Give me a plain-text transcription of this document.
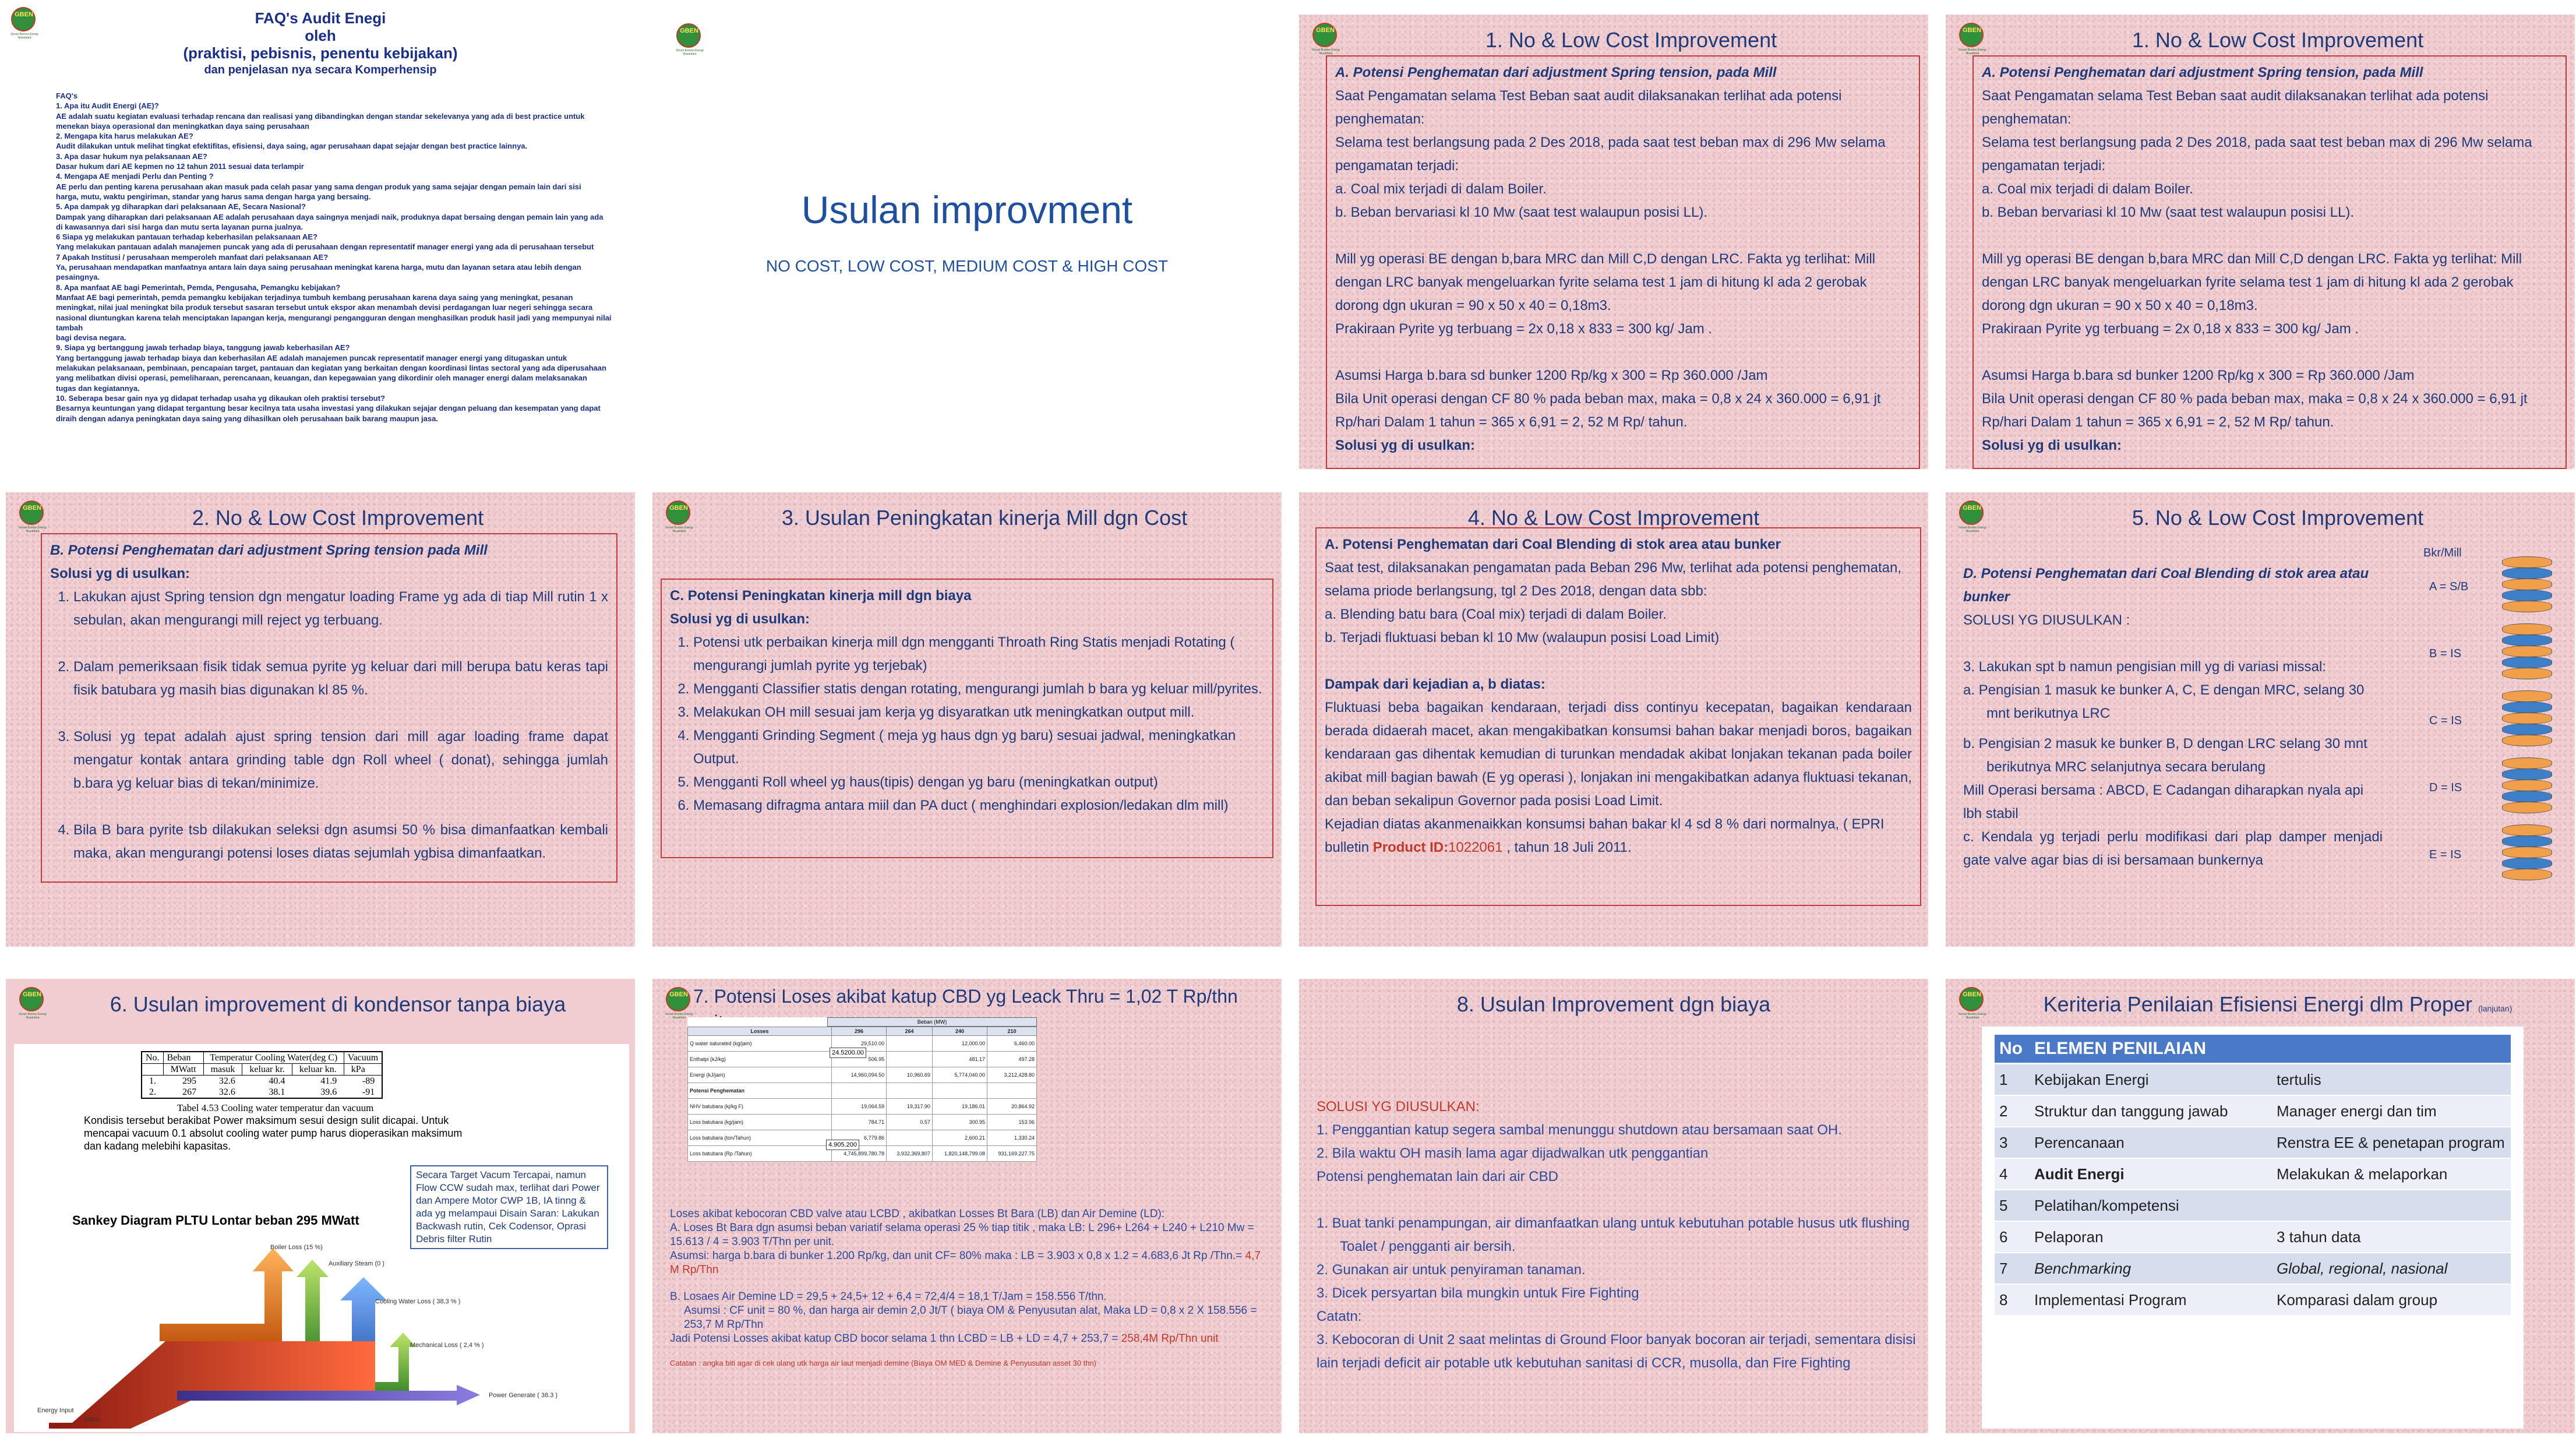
GBEN
Green Borneo Energi Nusantara
FAQ's Audit Enegi
oleh
(praktisi, pebisnis, penentu kebijakan)
dan penjelasan nya secara Komperhensip
FAQ's
1. Apa itu Audit Energi (AE)?
AE adalah suatu kegiatan evaluasi terhadap rencana dan realisasi yang dibandingkan dengan standar sekelevanya yang ada di best practice untuk
menekan biaya operasional dan meningkatkan daya saing perusahaan
2. Mengapa kita harus melakukan AE?
Audit dilakukan untuk melihat tingkat efektifitas, efisiensi, daya saing, agar perusahaan dapat sejajar dengan best practice lainnya.
3. Apa dasar hukum nya pelaksanaan AE?
Dasar hukum dari AE kepmen no 12 tahun 2011 sesuai data terlampir
4. Mengapa AE menjadi Perlu dan Penting ?
AE perlu dan penting karena perusahaan akan masuk pada celah pasar yang sama dengan produk yang sama sejajar dengan pemain lain dari sisi
harga, mutu, waktu pengiriman, standar yang harus sama dengan harga yang bersaing.
5. Apa dampak yg diharapkan dari pelaksanaan AE, Secara Nasional?
Dampak yang diharapkan dari pelaksanaan AE adalah perusahaan daya saingnya menjadi naik, produknya dapat bersaing dengan pemain lain yang ada
di kawasannya dari sisi harga dan mutu serta layanan purna jualnya.
6 Siapa yg melakukan pantauan terhadap keberhasilan pelaksanaan AE?
Yang melakukan pantauan adalah manajemen puncak yang ada di perusahaan dengan representatif manager energi yang ada di perusahaan tersebut
7 Apakah Institusi / perusahaan memperoleh manfaat dari pelaksanaan AE?
Ya, perusahaan mendapatkan manfaatnya antara lain daya saing perusahaan meningkat karena harga, mutu dan layanan setara atau lebih dengan
pesaingnya.
8. Apa manfaat AE bagi Pemerintah, Pemda, Pengusaha, Pemangku kebijakan?
Manfaat AE bagi pemerintah, pemda pemangku kebijakan terjadinya tumbuh kembang perusahaan karena daya saing yang meningkat, pesanan
meningkat, nilai jual meningkat bila produk tersebut sasaran tersebut untuk ekspor akan menambah devisi perdagangan luar negeri sehingga secara
nasional diuntungkan karena telah menciptakan lapangan kerja, mengurangi pengangguran dengan menghasilkan produk hasil jadi yang mempunyai nilai tambah
bagi devisa negara.
9. Siapa yg bertanggung jawab terhadap biaya, tanggung jawab keberhasilan AE?
Yang bertanggung jawab terhadap biaya dan keberhasilan AE adalah manajemen puncak representatif manager energi yang ditugaskan untuk
melakukan pelaksanaan, pembinaan, pencapaian target, pantauan dan kegiatan yang berkaitan dengan koordinasi lintas sectoral yang ada diperusahaan
yang melibatkan divisi operasi, pemeliharaan, perencanaan, keuangan, dan kepegawaian yang dikordinir oleh manager energi dalam melaksanakan
tugas dan kegiatannya.
10. Seberapa besar gain nya yg didapat terhadap usaha yg dikaukan oleh praktisi tersebut?
Besarnya keuntungan yang didapat tergantung besar kecilnya tata usaha investasi yang dilakukan sejajar dengan peluang dan kesempatan yang dapat
diraih dengan adanya peningkatan daya saing yang dihasilkan oleh perusahaan baik barang maupun jasa.
GBEN
Green Borneo Energi Nusantara
Usulan improvment
NO COST, LOW COST, MEDIUM COST & HIGH COST
GBEN
Green Borneo Energi Nusantara
1. No & Low Cost Improvement

A. Potensi Penghematan dari adjustment Spring tension, pada Mill

Saat Pengamatan selama Test Beban saat audit dilaksanakan terlihat ada potensi penghematan:

Selama test berlangsung pada 2 Des 2018, pada saat test beban max di 296 Mw selama pengamatan terjadi:

a. Coal mix terjadi di dalam Boiler.

b. Beban bervariasi kl 10 Mw (saat test walaupun posisi LL).

Mill yg operasi BE dengan b,bara MRC dan Mill C,D dengan LRC. Fakta yg terlihat: Mill dengan LRC banyak mengeluarkan fyrite selama test 1 jam di hitung kl ada 2 gerobak dorong dgn ukuran = 90 x 50 x 40 = 0,18m3.

Prakiraan Pyrite yg terbuang = 2x 0,18 x 833 = 300 kg/ Jam .

Asumsi Harga b.bara sd bunker 1200 Rp/kg x 300 = Rp 360.000 /Jam

Bila Unit operasi dengan CF 80 % pada beban max, maka = 0,8 x 24 x 360.000 = 6,91 jt Rp/hari Dalam 1 tahun = 365 x 6,91 = 2, 52 M Rp/ tahun.

Solusi yg di usulkan:

GBEN
Green Borneo Energi Nusantara
1. No & Low Cost Improvement

A. Potensi Penghematan dari adjustment Spring tension, pada Mill

Saat Pengamatan selama Test Beban saat audit dilaksanakan terlihat ada potensi penghematan:

Selama test berlangsung pada 2 Des 2018, pada saat test beban max di 296 Mw selama pengamatan terjadi:

a. Coal mix terjadi di dalam Boiler.

b. Beban bervariasi kl 10 Mw (saat test walaupun posisi LL).

Mill yg operasi BE dengan b,bara MRC dan Mill C,D dengan LRC. Fakta yg terlihat: Mill dengan LRC banyak mengeluarkan fyrite selama test 1 jam di hitung kl ada 2 gerobak dorong dgn ukuran = 90 x 50 x 40 = 0,18m3.

Prakiraan Pyrite yg terbuang = 2x 0,18 x 833 = 300 kg/ Jam .

Asumsi Harga b.bara sd bunker 1200 Rp/kg x 300 = Rp 360.000 /Jam

Bila Unit operasi dengan CF 80 % pada beban max, maka = 0,8 x 24 x 360.000 = 6,91 jt Rp/hari Dalam 1 tahun = 365 x 6,91 = 2, 52 M Rp/ tahun.

Solusi yg di usulkan:

GBEN
Green Borneo Energi Nusantara
2. No & Low Cost Improvement

B. Potensi Penghematan dari adjustment Spring tension pada Mill

Solusi yg di usulkan:

1. Lakukan ajust Spring tension dgn mengatur loading Frame yg ada di tiap Mill rutin 1 x sebulan, akan mengurangi mill reject yg terbuang.
2. Dalam pemeriksaan fisik tidak semua pyrite yg keluar dari mill berupa batu keras tapi fisik batubara yg masih bias digunakan kl 85 %.
3. Solusi yg tepat adalah ajust spring tension dari mill agar loading frame dapat mengatur kontak antara grinding table dgn Roll wheel ( donat), sehingga jumlah b.bara yg keluar bias di tekan/minimize.
4. Bila B bara pyrite tsb dilakukan seleksi dgn asumsi 50 % bisa dimanfaatkan kembali maka, akan mengurangi potensi loses diatas sejumlah ygbisa dimanfaatkan.
GBEN
Green Borneo Energi Nusantara
3. Usulan Peningkatan kinerja Mill dgn Cost

C. Potensi Peningkatan kinerja mill dgn biaya

Solusi yg di usulkan:

1. Potensi utk perbaikan kinerja mill dgn mengganti Throath Ring Statis menjadi Rotating ( mengurangi jumlah pyrite yg terjebak)
2. Mengganti Classifier statis dengan rotating, mengurangi jumlah b bara yg keluar mill/pyrites.
3. Melakukan OH mill sesuai jam kerja yg disyaratkan utk meningkatkan output mill.
4. Mengganti Grinding Segment ( meja yg haus dgn yg baru) sesuai jadwal, meningkatkan Output.
5. Mengganti Roll wheel yg haus(tipis) dengan yg baru (meningkatkan output)
6. Memasang difragma antara miil dan PA duct ( menghindari explosion/ledakan dlm mill)
4. No & Low Cost Improvement

A. Potensi Penghematan dari Coal Blending di stok area atau bunker

Saat test, dilaksanakan pengamatan pada Beban 296 Mw, terlihat ada potensi penghematan, selama priode berlangsung, tgl 2 Des 2018, dengan data sbb:

a. Blending batu bara (Coal mix) terjadi di dalam Boiler.

b. Terjadi fluktuasi beban kl 10 Mw (walaupun posisi Load Limit)

Dampak dari kejadian a, b diatas:

Fluktuasi beba bagaikan kendaraan, terjadi diss continyu kecepatan, bagaikan kendaraan berada didaerah macet, akan mengakibatkan konsumsi bahan bakar menjadi boros, bagaikan kendaraan gas dihentak kemudian di turunkan mendadak akibat lonjakan tekanan pada boiler akibat mill bagian bawah (E yg operasi ), lonjakan ini mengakibatkan adanya fluktuasi tekanan, dan beban sekalipun Governor pada posisi Load Limit.

Kejadian diatas akanmenaikkan konsumsi bahan bakar kl 4 sd 8 % dari normalnya, ( EPRI bulletin Product ID:1022061 , tahun 18 Juli 2011.

GBEN
Green Borneo Energi Nusantara
5. No & Low Cost Improvement

D. Potensi Penghematan dari Coal Blending di stok area atau bunker

SOLUSI YG DIUSULKAN :

3. Lakukan spt b namun pengisian mill yg di variasi missal:

a. Pengisian 1 masuk ke bunker A, C, E dengan MRC, selang 30 mnt berikutnya LRC

b. Pengisian 2 masuk ke bunker B, D dengan LRC selang 30 mnt berikutnya MRC selanjutnya secara berulang

Mill Operasi bersama : ABCD, E Cadangan diharapkan nyala api lbh stabil

c. Kendala yg terjadi perlu modifikasi dari plap damper menjadi gate valve agar bias di isi bersamaan bunkernya

Bkr/Mill
A = S/B
B = IS
C = IS
D = IS
E = IS
GBEN
Green Borneo Energi Nusantara
6. Usulan improvement di kondensor tanpa biaya
No.	Beban	Temperatur Cooling Water(deg C)			Vacuum
	MWatt	masuk	keluar kr.	keluar kn.	kPa
1.	295	32.6	40.4	41.9	-89
2.	267	32.6	38.1	39.6	-91
Tabel 4.53 Cooling water temperatur dan vacuum
Kondisis tersebut berakibat Power maksimum sesui design sulit dicapai. Untuk mencapai vacuum 0.1 absolut cooling water pump harus dioperasikan maksimum dan kadang melebihi kapasitas.
Secara Target Vacum Tercapai, namun Flow CCW sudah max, terlihat dari Power dan Ampere Motor CWP 1B, IA tinng & ada yg melampaui Disain Saran: Lakukan Backwash rutin, Cek Codensor, Oprasi Debris filter Rutin
Sankey Diagram PLTU Lontar beban 295 MWatt
Boiler Loss (15 %)
Auxiliary Steam (0 )
Cooling Water Loss ( 38,3 % )
Mechanical Loss ( 2,4 % )
Energy Input
100%
Power Generate ( 38.3 )
GBEN
Green Borneo Energi Nusantara
7. Potensi Loses akibat katup CBD yg Leack Thru = 1,02 T Rp/thn
Beban (MW)
Losses	296	264	240	210
Q water saturated (kg/jam)	29,510.00		12,000.00	6,460.00
Enthalpi (kJ/kg)	506.95		481.17	497.28
Energi (kJ/jam)	14,960,094.50	10,960.69	5,774,040.00	3,212,428.80
Potensi Penghematan				
NHV batubara (kj/kg F)	19,064.59	19,317.90	19,186.01	20,864.92
Loss batubara (kg/jam)	784.71	0.57	300.95	153.96
Loss batubara (ton/Tahun)	6,779.86		2,600.21	1,330.24
Loss batubara (Rp /Tahun)	4,745,899,780.78	3,932,369,807	1,820,148,799.08	931,169,227.75
24.5200.00
4.905.200

Loses akibat kebocoran CBD valve atau LCBD , akibatkan Losses Bt Bara (LB) dan Air Demine (LD):

A. Loses Bt Bara dgn asumsi beban variatif selama operasi 25 % tiap titik , maka LB: L 296+ L264 + L240 + L210 Mw = 15.613 / 4 = 3.903 T/Thn per unit.

Asumsi: harga b.bara di bunker 1.200 Rp/kg, dan unit CF= 80% maka : LB = 3.903 x 0,8 x 1.2 = 4.683,6 Jt Rp /Thn.= 4,7 M Rp/Thn

B. Losaes Air Demine LD = 29,5 + 24,5+ 12 + 6,4 = 72,4/4 = 18,1 T/Jam = 158.556 T/thn.

Asumsi : CF unit = 80 %, dan harga air demin 2,0 Jt/T ( biaya OM & Penyusutan alat, Maka LD = 0,8 x 2 X 158.556 = 253,7 M Rp/Thn

Jadi Potensi Losses akibat katup CBD bocor selama 1 thn LCBD = LB + LD = 4,7 + 253,7 = 258,4M Rp/Thn unit

Catatan : angka biti agar di cek ulang utk harga air laut menjadi demine (Biaya OM MED & Demine & Penyusutan asset 30 thn)

8. Usulan Improvement dgn biaya

SOLUSI YG DIUSULKAN:

1. Penggantian katup segera sambal menunggu shutdown atau bersamaan saat OH.

2. Bila waktu OH masih lama agar dijadwalkan utk penggantian

Potensi penghematan lain dari air CBD

1. Buat tanki penampungan, air dimanfaatkan ulang untuk kebutuhan potable husus utk flushing Toalet / pengganti air bersih.

2. Gunakan air untuk penyiraman tanaman.

3. Dicek persyartan bila mungkin untuk Fire Fighting

Catatn:

3. Kebocoran di Unit 2 saat melintas di Ground Floor banyak bocoran air terjadi, sementara disisi lain terjadi deficit air potable utk kebutuhan sanitasi di CCR, musolla, dan Fire Fighting

GBEN
Green Borneo Energi Nusantara
Keriteria Penilaian Efisiensi Energi dlm Proper (lanjutan)
No	ELEMEN PENILAIAN	
1	Kebijakan Energi	tertulis
2	Struktur dan tanggung jawab	Manager energi dan tim
3	Perencanaan	Renstra EE & penetapan program
4	Audit Energi	Melakukan & melaporkan
5	Pelatihan/kompetensi	
6	Pelaporan	3 tahun data
7	Benchmarking	Global, regional, nasional
8	Implementasi Program	Komparasi dalam group
